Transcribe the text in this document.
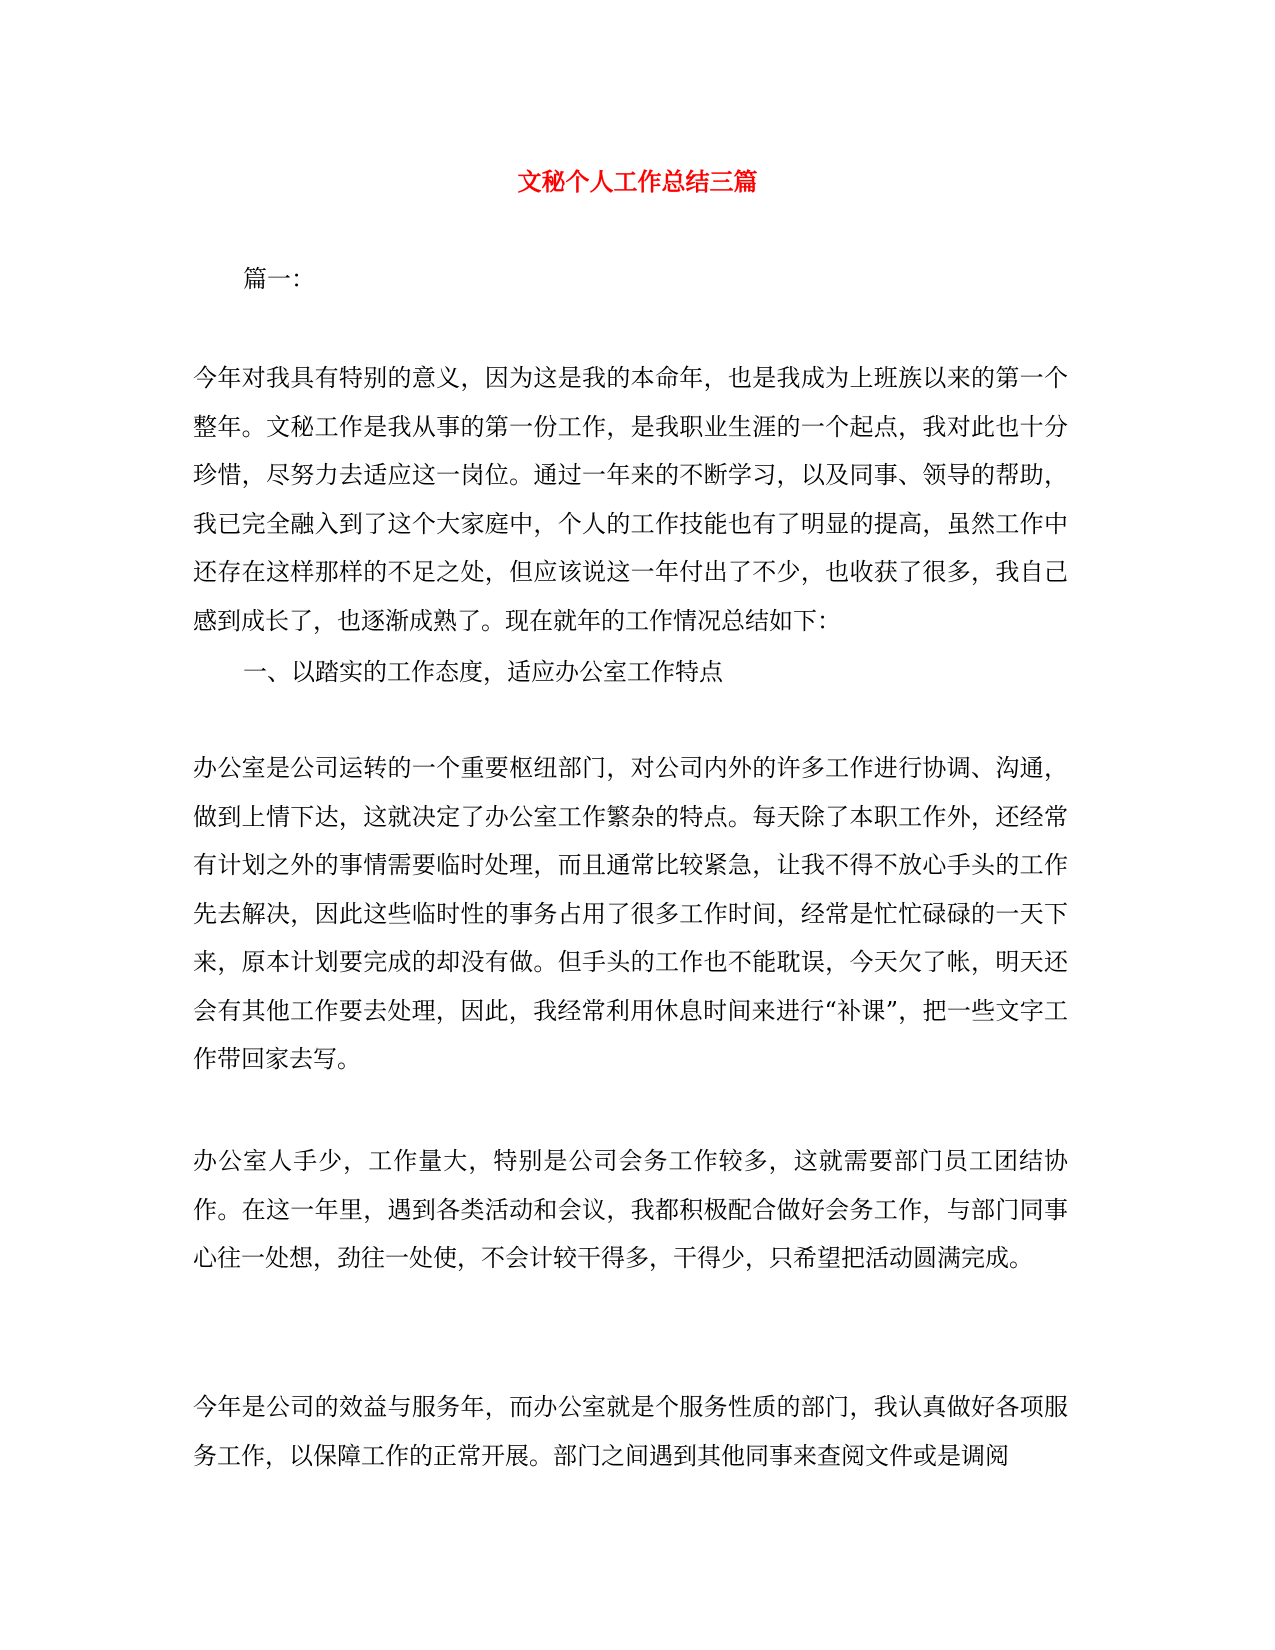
文秘个人工作总结三篇
篇一：
今年对我具有特别的意义，因为这是我的本命年，也是我成为上班族以来的第一个整年。文秘工作是我从事的第一份工作，是我职业生涯的一个起点，我对此也十分珍惜，尽努力去适应这一岗位。通过一年来的不断学习，以及同事、领导的帮助，我已完全融入到了这个大家庭中，个人的工作技能也有了明显的提高，虽然工作中还存在这样那样的不足之处，但应该说这一年付出了不少，也收获了很多，我自己感到成长了，也逐渐成熟了。现在就年的工作情况总结如下：
一、以踏实的工作态度，适应办公室工作特点
办公室是公司运转的一个重要枢纽部门，对公司内外的许多工作进行协调、沟通，做到上情下达，这就决定了办公室工作繁杂的特点。每天除了本职工作外，还经常有计划之外的事情需要临时处理，而且通常比较紧急，让我不得不放心手头的工作先去解决，因此这些临时性的事务占用了很多工作时间，经常是忙忙碌碌的一天下来，原本计划要完成的却没有做。但手头的工作也不能耽误，今天欠了帐，明天还会有其他工作要去处理，因此，我经常利用休息时间来进行“补课”，把一些文字工作带回家去写。
办公室人手少，工作量大，特别是公司会务工作较多，这就需要部门员工团结协作。在这一年里，遇到各类活动和会议，我都积极配合做好会务工作，与部门同事心往一处想，劲往一处使，不会计较干得多，干得少，只希望把活动圆满完成。
今年是公司的效益与服务年，而办公室就是个服务性质的部门，我认真做好各项服务工作，以保障工作的正常开展。部门之间遇到其他同事来查阅文件或是调阅
